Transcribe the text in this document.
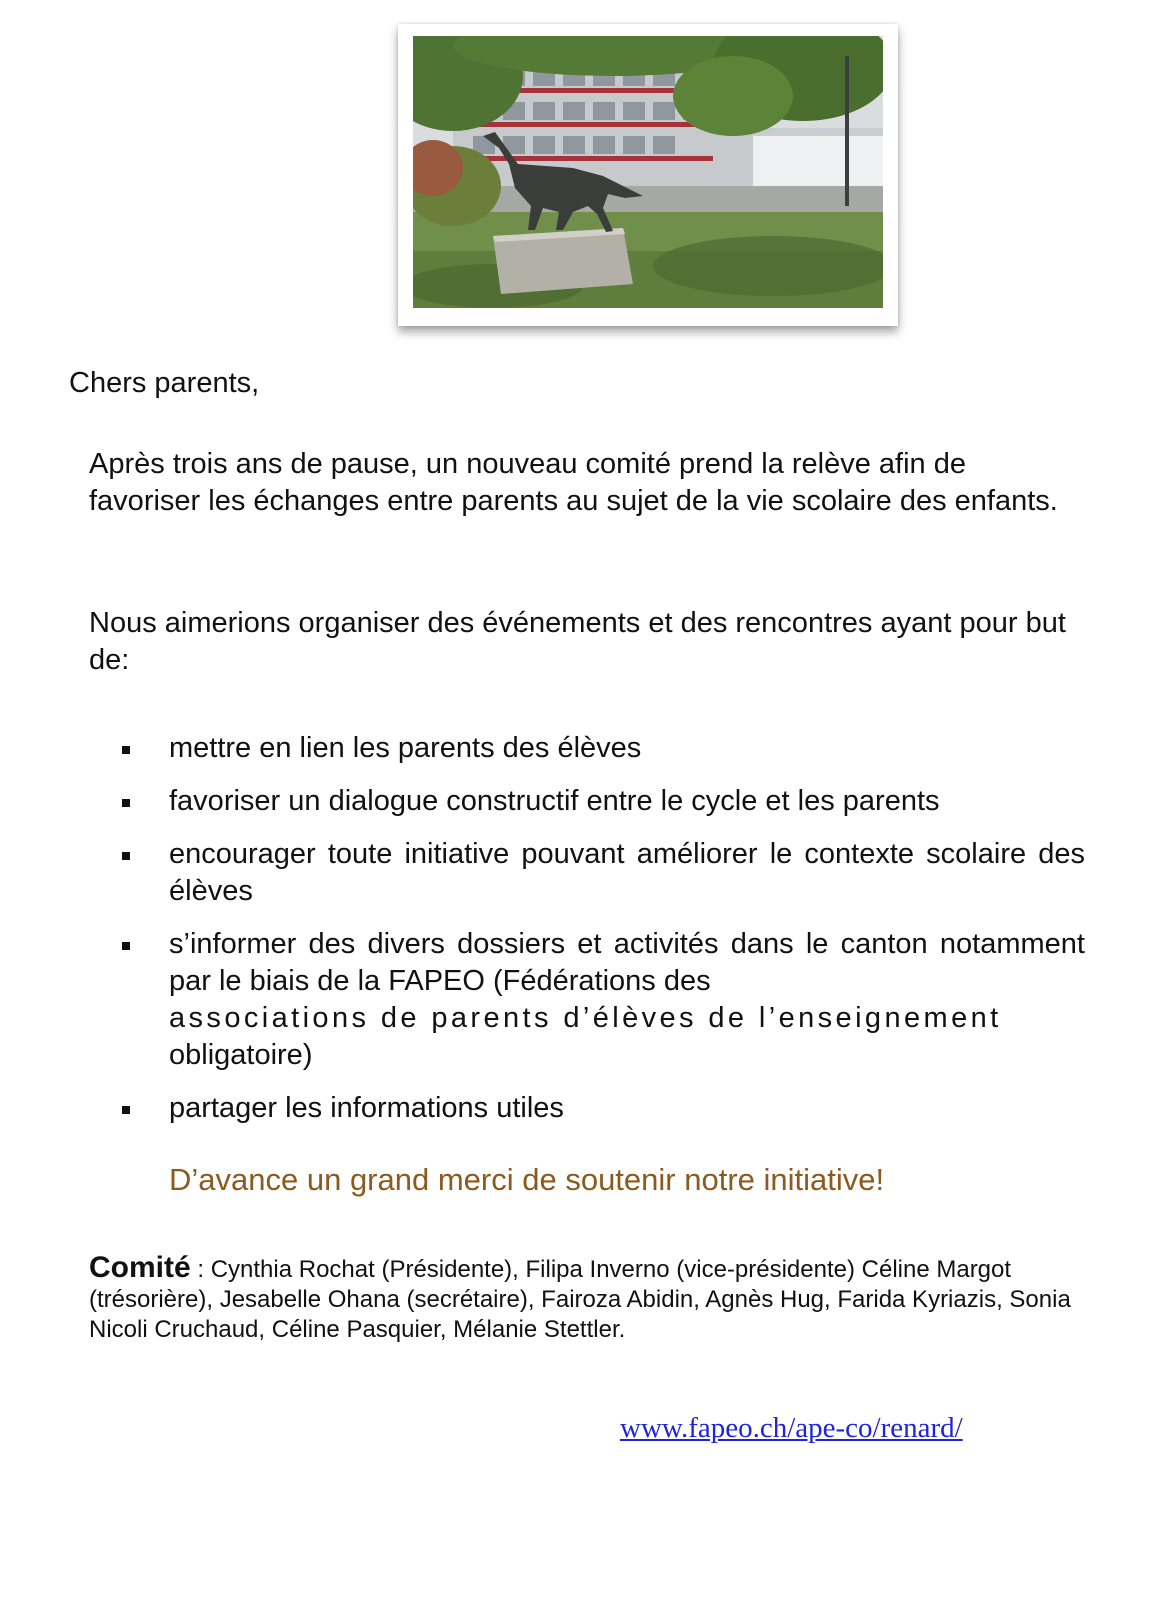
Chers parents,
Après trois ans de pause, un nouveau comité prend la relève afin de favoriser les échanges entre parents au sujet de la vie scolaire des enfants.
Nous aimerions organiser des événements et des rencontres ayant pour but de:
mettre en lien les parents des élèves
favoriser un dialogue constructif entre le cycle et les parents
encourager toute initiative pouvant améliorer le contexte scolaire des élèves
s’informer des divers dossiers et activités dans le canton notamment par le biais de la FAPEO (Fédérations des
associations de parents d’élèves de l’enseignement
obligatoire)
partager les informations utiles
D’avance un grand merci de soutenir notre initiative!
Comité : Cynthia Rochat (Présidente), Filipa Inverno (vice-présidente) Céline Margot (trésorière), Jesabelle Ohana (secrétaire), Fairoza Abidin, Agnès Hug, Farida Kyriazis, Sonia Nicoli Cruchaud, Céline Pasquier, Mélanie Stettler.
www.fapeo.ch/ape-co/renard/
